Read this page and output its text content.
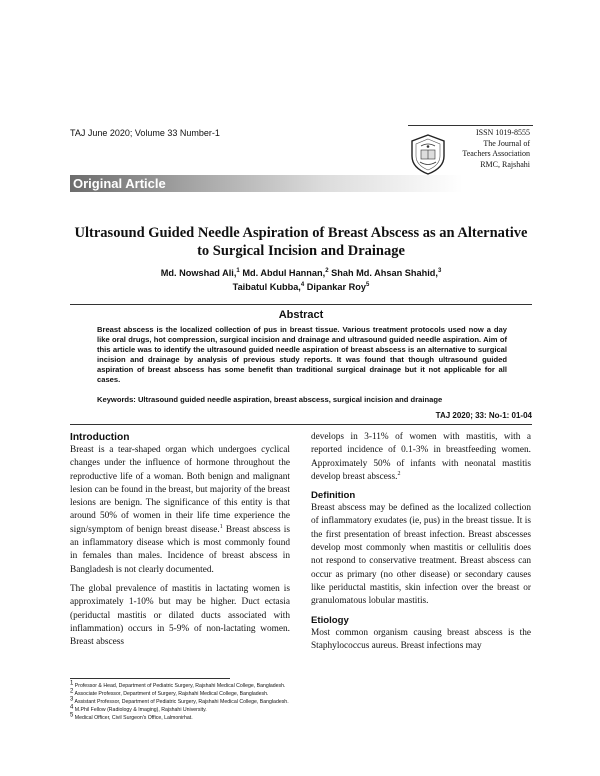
TAJ June 2020; Volume 33 Number-1	ISSN 1019-8555
The Journal of
Teachers Association
RMC, Rajshahi
Original Article
Ultrasound Guided Needle Aspiration of Breast Abscess as an Alternative to Surgical Incision and Drainage
Md. Nowshad Ali,$^1$ Md. Abdul Hannan,$^2$ Shah Md. Ahsan Shahid,$^3$
Taibatul Kubba,$^4$ Dipankar Roy$^5$
Abstract
Breast abscess is the localized collection of pus in breast tissue. Various treatment protocols used now a day like oral drugs, hot compression, surgical incision and drainage and ultrasound guided needle aspiration. Aim of this article was to identify the ultrasound guided needle aspiration of breast abscess is an alternative to surgical incision and drainage by analysis of previous study reports. It was found that though ultrasound guided aspiration of breast abscess has some benefit than traditional surgical drainage but it not applicable for all cases.
Keywords: Ultrasound guided needle aspiration, breast abscess, surgical incision and drainage
TAJ 2020; 33: No-1: 01-04
Introduction

Breast is a tear-shaped organ which undergoes cyclical changes under the influence of hormone throughout the reproductive life of a woman. Both benign and malignant lesion can be found in the breast, but majority of the breast lesions are benign. The significance of this entity is that around 50% of women in their life time experience the sign/symptom of benign breast disease.$^1$ Breast abscess is an inflammatory disease which is most commonly found in females than males. Incidence of breast abscess in Bangladesh is not clearly documented.

The global prevalence of mastitis in lactating women is approximately 1-10% but may be higher. Duct ectasia (periductal mastitis or dilated ducts associated with inflammation) occurs in 5-9% of non-lactating women. Breast abscess

develops in 3-11% of women with mastitis, with a reported incidence of 0.1-3% in breastfeeding women. Approximately 50% of infants with neonatal mastitis develop breast abscess.$^2$

Definition

Breast abscess may be defined as the localized collection of inflammatory exudates (ie, pus) in the breast tissue. It is the first presentation of breast infection. Breast abscesses develop most commonly when mastitis or cellulitis does not respond to conservative treatment. Breast abscess can occur as primary (no other disease) or secondary causes like periductal mastitis, skin infection over the breast or granulomatous lobular mastitis.

Etiology

Most common organism causing breast abscess is the Staphylococcus aureus. Breast infections may

$^1$ Professor & Head, Department of Pediatric Surgery, Rajshahi Medical College, Bangladesh.
$^2$ Associate Professor, Department of Surgery, Rajshahi Medical College, Bangladesh.
$^3$ Assistant Professor, Department of Pediatric Surgery, Rajshahi Medical College, Bangladesh.
$^4$ M.Phil Fellow (Radiology & Imaging), Rajshahi University.
$^5$ Medical Officer, Civil Surgeon's Office, Lalmonirhat.
